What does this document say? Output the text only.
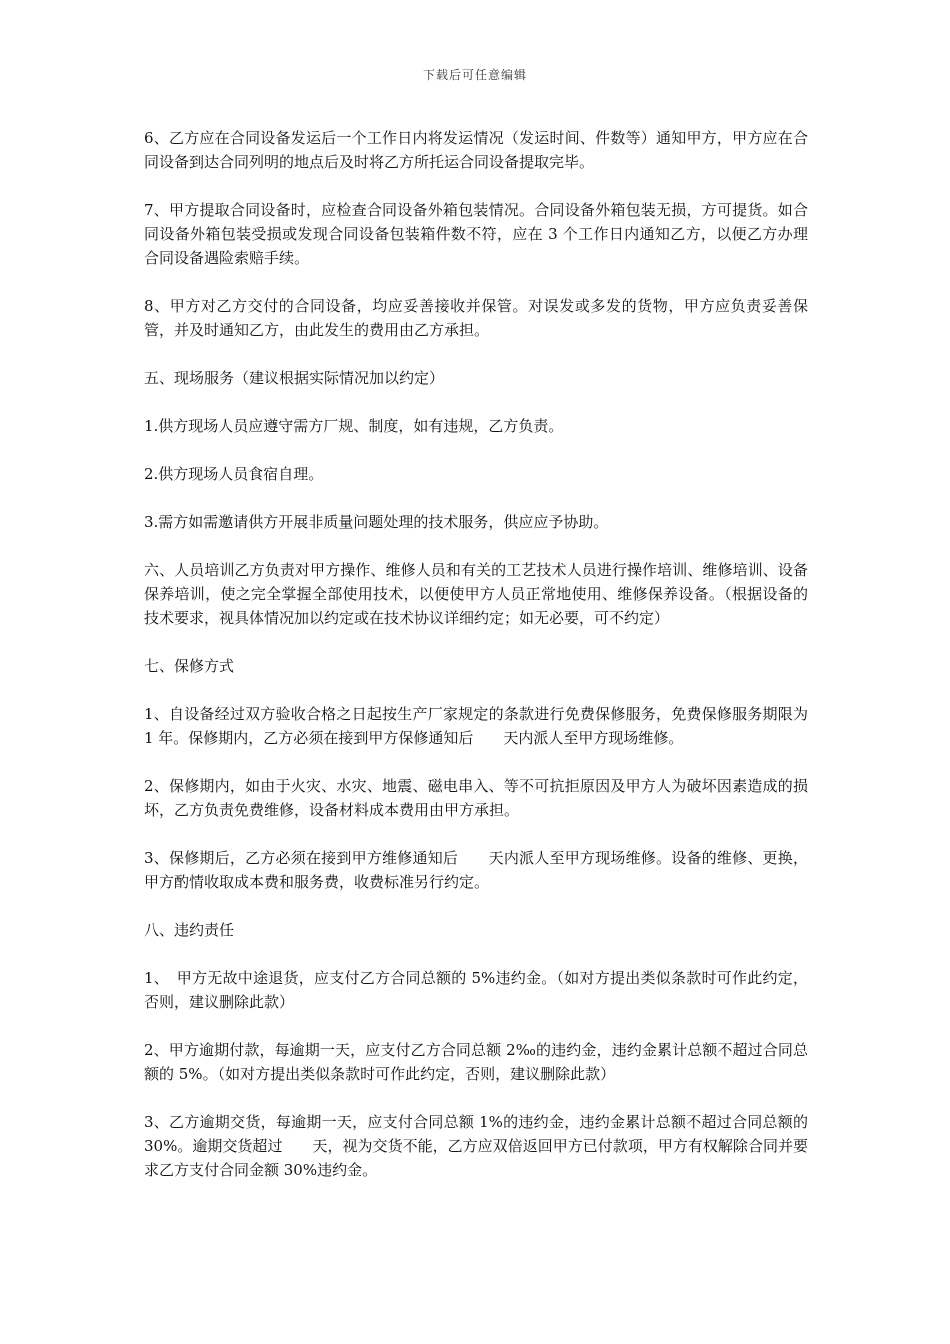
下载后可任意编辑

6、乙方应在合同设备发运后一个工作日内将发运情况（发运时间、件数等）通知甲方，甲方应在合同设备到达合同列明的地点后及时将乙方所托运合同设备提取完毕。

7、甲方提取合同设备时，应检查合同设备外箱包装情况。合同设备外箱包装无损，方可提货。如合同设备外箱包装受损或发现合同设备包装箱件数不符，应在 3 个工作日内通知乙方，以便乙方办理合同设备遇险索赔手续。

8、甲方对乙方交付的合同设备，均应妥善接收并保管。对误发或多发的货物，甲方应负责妥善保管，并及时通知乙方，由此发生的费用由乙方承担。

五、现场服务（建议根据实际情况加以约定）

1.供方现场人员应遵守需方厂规、制度，如有违规，乙方负责。

2.供方现场人员食宿自理。

3.需方如需邀请供方开展非质量问题处理的技术服务，供应应予协助。

六、人员培训乙方负责对甲方操作、维修人员和有关的工艺技术人员进行操作培训、维修培训、设备保养培训，使之完全掌握全部使用技术，以便使甲方人员正常地使用、维修保养设备。（根据设备的技术要求，视具体情况加以约定或在技术协议详细约定；如无必要，可不约定）

七、保修方式

1、自设备经过双方验收合格之日起按生产厂家规定的条款进行免费保修服务，免费保修服务期限为 1 年。保修期内，乙方必须在接到甲方保修通知后　　天内派人至甲方现场维修。

2、保修期内，如由于火灾、水灾、地震、磁电串入、等不可抗拒原因及甲方人为破坏因素造成的损坏，乙方负责免费维修，设备材料成本费用由甲方承担。

3、保修期后，乙方必须在接到甲方维修通知后　　天内派人至甲方现场维修。设备的维修、更换，甲方酌情收取成本费和服务费，收费标准另行约定。

八、违约责任

1、　甲方无故中途退货，应支付乙方合同总额的 5%违约金。（如对方提出类似条款时可作此约定，否则，建议删除此款）

2、甲方逾期付款，每逾期一天，应支付乙方合同总额 2‰的违约金，违约金累计总额不超过合同总额的 5%。（如对方提出类似条款时可作此约定，否则，建议删除此款）

3、乙方逾期交货，每逾期一天，应支付合同总额 1%的违约金，违约金累计总额不超过合同总额的 30%。逾期交货超过　　天，视为交货不能，乙方应双倍返回甲方已付款项，甲方有权解除合同并要求乙方支付合同金额 30%违约金。
